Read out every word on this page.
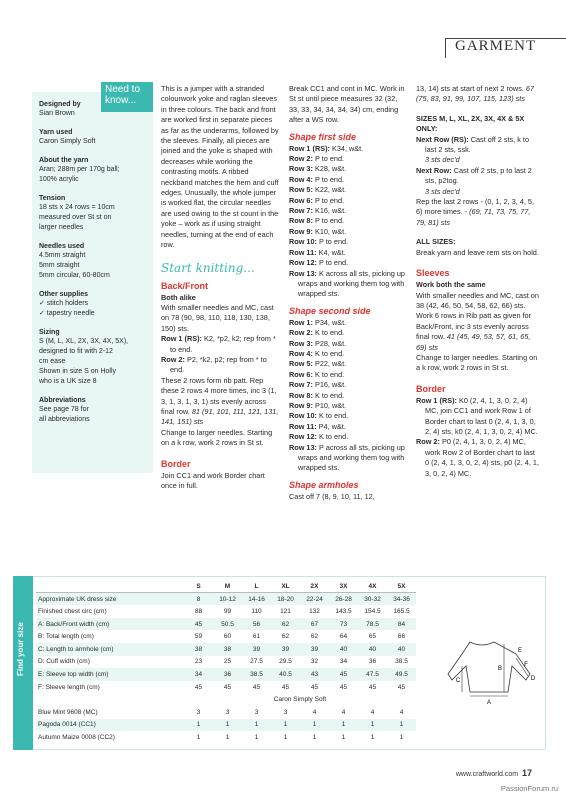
GARMENT
Designed by
Sian Brown
Yarn used
Caron Simply Soft
About the yarn
Aran; 288m per 170g ball;
100% acrylic
Tension
18 sts x 24 rows = 10cm
measured over St st on
larger needles
Needles used
4.5mm straight
5mm straight
5mm circular, 60-80cm
Other supplies
✓ stitch holders
✓ tapestry needle
Sizing
S (M, L, XL, 2X, 3X, 4X, 5X),
designed to fit with 2-12
cm ease
Shown in size S on Holly
who is a UK size 8
Abbreviations
See page 78 for
all abbreviations
Need to know...

This is a jumper with a stranded colourwork yoke and raglan sleeves in three colours. The back and front are worked first in separate pieces as far as the underarms, followed by the sleeves. Finally, all pieces are joined and the yoke is shaped with decreases while working the contrasting motifs. A ribbed neckband matches the hem and cuff edges. Unusually, the whole jumper is worked flat, the circular needles are used owing to the st count in the yoke – work as if using straight needles, turning at the end of each row.

Start knitting...

Back/Front

Both alike

With smaller needles and MC, cast on 78 (90, 98, 110, 118, 130, 138, 150) sts.

Row 1 (RS): K2, *p2, k2; rep from * to end.

Row 2: P2, *k2, p2; rep from * to end.

These 2 rows form rib patt. Rep these 2 rows 4 more times, inc 3 (1, 3, 1, 3, 1, 3, 1) sts evenly across final row. 81 (91, 101, 111, 121, 131, 141, 151) sts

Change to larger needles. Starting on a k row, work 2 rows in St st.

Border

Join CC1 and work Border chart once in full.

Break CC1 and cont in MC. Work in St st until piece measures 32 (32, 33, 33, 34, 34, 34, 34) cm, ending after a WS row.

Shape first side

Row 1 (RS): K34, w&t.

Row 2: P to end.

Row 3: K28, w&t.

Row 4: P to end.

Row 5: K22, w&t.

Row 6: P to end.

Row 7: K16, w&t.

Row 8: P to end.

Row 9: K10, w&t.

Row 10: P to end.

Row 11: K4, w&t.

Row 12: P to end.

Row 13: K across all sts, picking up wraps and working them tog with wrapped sts.

Shape second side

Row 1: P34, w&t.

Row 2: K to end.

Row 3: P28, w&t.

Row 4: K to end.

Row 5: P22, w&t.

Row 6: K to end.

Row 7: P16, w&t.

Row 8: K to end.

Row 9: P10, w&t.

Row 10: K to end.

Row 11: P4, w&t.

Row 12: K to end.

Row 13: P across all sts, picking up wraps and working them tog with wrapped sts.

Shape armholes

Cast off 7 (8, 9, 10, 11, 12,

13, 14) sts at start of next 2 rows. 67 (75, 83, 91, 99, 107, 115, 123) sts

SIZES M, L, XL, 2X, 3X, 4X & 5X ONLY:

Next Row (RS): Cast off 2 sts, k to last 2 sts, ssk.

3 sts dec'd

Next Row: Cast off 2 sts, p to last 2 sts, p2tog.

3 sts dec'd

Rep the last 2 rows - (0, 1, 2, 3, 4, 5, 6) more times. - (69, 71, 73, 75, 77, 79, 81) sts

ALL SIZES:

Break yarn and leave rem sts on hold.

Sleeves

Work both the same

With smaller needles and MC, cast on 38 (42, 46, 50, 54, 58, 62, 66) sts.

Work 6 rows in Rib patt as given for Back/Front, inc 3 sts evenly across final row. 41 (45, 49, 53, 57, 61, 65, 69) sts

Change to larger needles. Starting on a k row, work 2 rows in St st.

Border

Row 1 (RS): K0 (2, 4, 1, 3, 0, 2, 4) MC, join CC1 and work Row 1 of Border chart to last 0 (2, 4, 1, 3, 0, 2, 4) sts, k0 (2, 4, 1, 3, 0, 2, 4) MC.

Row 2: P0 (2, 4, 1, 3, 0, 2, 4) MC, work Row 2 of Border chart to last 0 (2, 4, 1, 3, 0, 2, 4) sts, p0 (2, 4, 1, 3, 0, 2, 4) MC.

Find your size
	S	M	L	XL	2X	3X	4X	5X
Approximate UK dress size	8	10-12	14-16	18-20	22-24	26-28	30-32	34-36
Finished chest circ (cm)	88	99	110	121	132	143.5	154.5	165.5
A: Back/Front width (cm)	45	50.5	56	62	67	73	78.5	84
B: Total length (cm)	59	60	61	62	62	64	65	66
C: Length to armhole (cm)	38	38	39	39	39	40	40	40
D: Cuff width (cm)	23	25	27.5	29.5	32	34	36	38.5
E: Sleeve top width (cm)	34	36	38.5	40.5	43	45	47.5	49.5
F: Sleeve length (cm)	45	45	45	45	45	45	45	45
	Caron Simply Soft							
Blue Mint 9608 (MC)	3	3	3	3	4	4	4	4
Pagoda 0014 (CC1)	1	1	1	1	1	1	1	1
Autumn Maize 0008 (CC2)	1	1	1	1	1	1	1	1
A
B
C	D
E
F
www.craftworld.com 17
PassionForum.ru
